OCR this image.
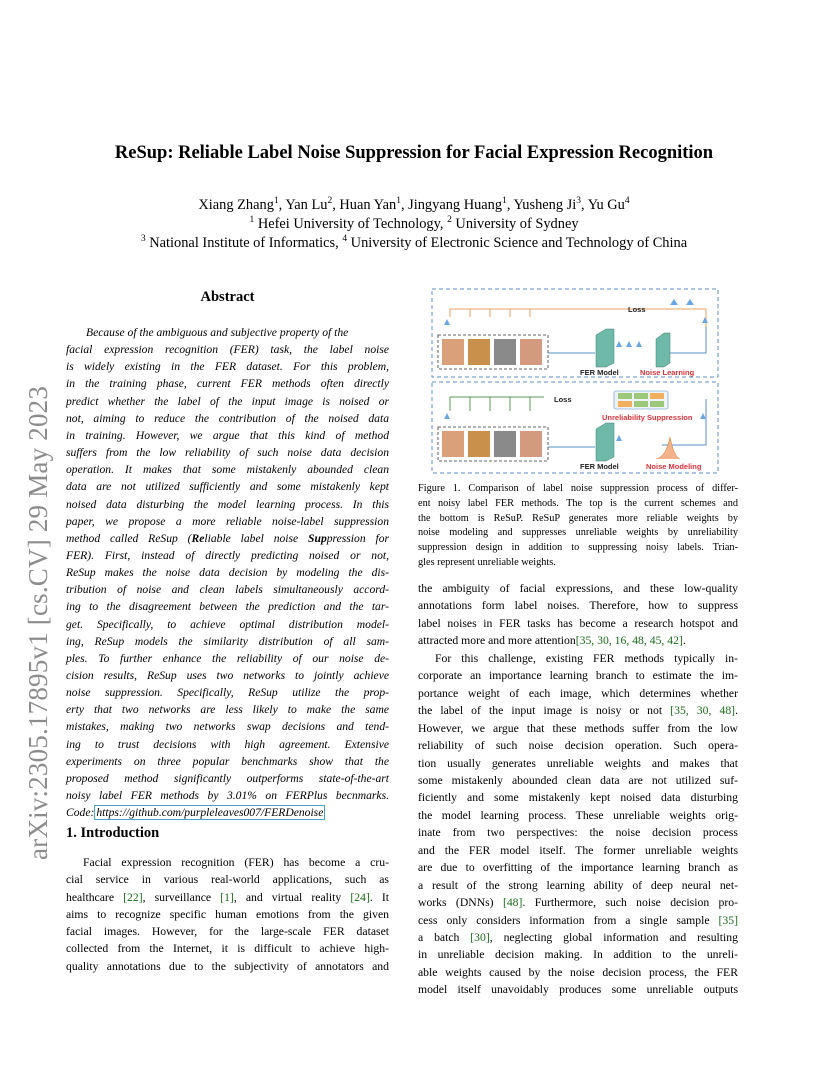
arXiv:2305.17895v1 [cs.CV] 29 May 2023
ReSup: Reliable Label Noise Suppression for Facial Expression Recognition
Xiang Zhang$^1$, Yan Lu$^2$, Huan Yan$^1$, Jingyang Huang$^1$, Yusheng Ji$^3$, Yu Gu$^4$
$^1$ Hefei University of Technology, $^2$ University of Sydney
$^3$ National Institute of Informatics, $^4$ University of Electronic Science and Technology of China
Abstract
Because of the ambiguous and subjective property of the
facial expression recognition (FER) task, the label noise
is widely existing in the FER dataset. For this problem,
in the training phase, current FER methods often directly
predict whether the label of the input image is noised or
not, aiming to reduce the contribution of the noised data
in training. However, we argue that this kind of method
suffers from the low reliability of such noise data decision
operation. It makes that some mistakenly abounded clean
data are not utilized sufficiently and some mistakenly kept
noised data disturbing the model learning process. In this
paper, we propose a more reliable noise-label suppression
method called ReSup (Reliable label noise Suppression for
FER). First, instead of directly predicting noised or not,
ReSup makes the noise data decision by modeling the dis-
tribution of noise and clean labels simultaneously accord-
ing to the disagreement between the prediction and the tar-
get. Specifically, to achieve optimal distribution model-
ing, ReSup models the similarity distribution of all sam-
ples. To further enhance the reliability of our noise de-
cision results, ReSup uses two networks to jointly achieve
noise suppression. Specifically, ReSup utilize the prop-
erty that two networks are less likely to make the same
mistakes, making two networks swap decisions and tend-
ing to trust decisions with high agreement. Extensive
experiments on three popular benchmarks show that the
proposed method significantly outperforms state-of-the-art
noisy label FER methods by 3.01% on FERPlus becnmarks.
Code: https://github.com/purpleleaves007/FERDenoise
1. Introduction
Facial expression recognition (FER) has become a cru-
cial service in various real-world applications, such as
healthcare [22], surveillance [1], and virtual reality [24]. It
aims to recognize specific human emotions from the given
facial images. However, for the large-scale FER dataset
collected from the Internet, it is difficult to achieve high-
quality annotations due to the subjectivity of annotators and
the ambiguity of facial expressions, and these low-quality
annotations form label noises. Therefore, how to suppress
label noises in FER tasks has become a research hotspot and
attracted more and more attention[35, 30, 16, 48, 45, 42].
For this challenge, existing FER methods typically in-
corporate an importance learning branch to estimate the im-
portance weight of each image, which determines whether
the label of the input image is noisy or not [35, 30, 48].
However, we argue that these methods suffer from the low
reliability of such noise decision operation. Such opera-
tion usually generates unreliable weights and makes that
some mistakenly abounded clean data are not utilized suf-
ficiently and some mistakenly kept noised data disturbing
the model learning process. These unreliable weights orig-
inate from two perspectives: the noise decision process
and the FER model itself. The former unreliable weights
are due to overfitting of the importance learning branch as
a result of the strong learning ability of deep neural net-
works (DNNs) [48]. Furthermore, such noise decision pro-
cess only considers information from a single sample [35]
a batch [30], neglecting global information and resulting
in unreliable decision making. In addition to the unreli-
able weights caused by the noise decision process, the FER
model itself unavoidably produces some unreliable outputs
Loss
FER Model	Noise Learning
Loss
Unreliability Suppression
FER Model	Noise Modeling
Figure 1. Comparison of label noise suppression process of differ-
ent noisy label FER methods. The top is the current schemes and
the bottom is ReSuP. ReSuP generates more reliable weights by
noise modeling and suppresses unreliable weights by unreliability
suppression design in addition to suppressing noisy labels. Trian-
gles represent unreliable weights.
